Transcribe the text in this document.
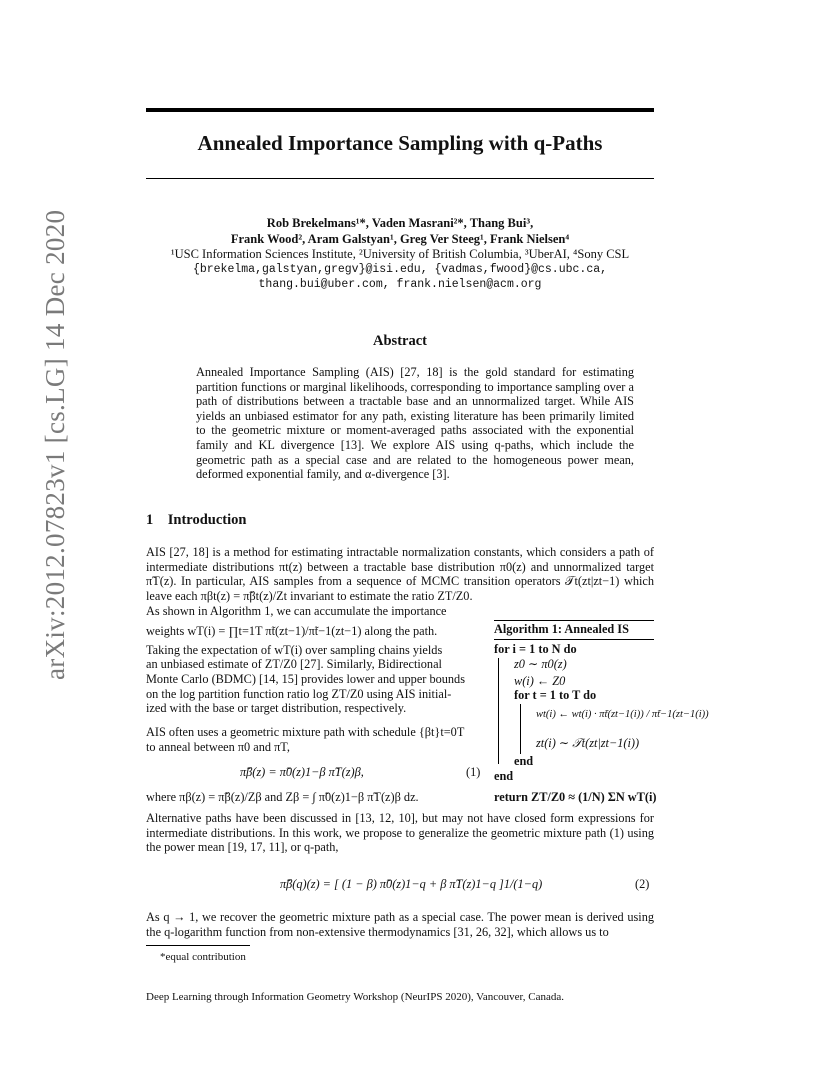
arXiv:2012.07823v1 [cs.LG] 14 Dec 2020
Annealed Importance Sampling with q-Paths
Rob Brekelmans¹*, Vaden Masrani²*, Thang Bui³,
Frank Wood², Aram Galstyan¹, Greg Ver Steeg¹, Frank Nielsen⁴
¹USC Information Sciences Institute, ²University of British Columbia, ³UberAI, ⁴Sony CSL
{brekelma,galstyan,gregv}@isi.edu, {vadmas,fwood}@cs.ubc.ca,
thang.bui@uber.com, frank.nielsen@acm.org
Abstract
Annealed Importance Sampling (AIS) [27, 18] is the gold standard for estimating partition functions or marginal likelihoods, corresponding to importance sampling over a path of distributions between a tractable base and an unnormalized target. While AIS yields an unbiased estimator for any path, existing literature has been primarily limited to the geometric mixture or moment-averaged paths associated with the exponential family and KL divergence [13]. We explore AIS using q-paths, which include the geometric path as a special case and are related to the homogeneous power mean, deformed exponential family, and α-divergence [3].
1 Introduction
AIS [27, 18] is a method for estimating intractable normalization constants, which considers a path of intermediate distributions πt(z) between a tractable base distribution π0(z) and unnormalized target π̃T(z). In particular, AIS samples from a sequence of MCMC transition operators 𝒯t(zt|zt−1) which leave each πβt(z) = π̃βt(z)/Zt invariant to estimate the ratio ZT/Z0.
As shown in Algorithm 1, we can accumulate the importance
weights wT(i) = ∏t=1T π̃t(zt−1)/π̃t−1(zt−1) along the path.
Taking the expectation of wT(i) over sampling chains yields
an unbiased estimate of ZT/Z0 [27]. Similarly, Bidirectional
Monte Carlo (BDMC) [14, 15] provides lower and upper bounds
on the log partition function ratio log ZT/Z0 using AIS initial-
ized with the base or target distribution, respectively.
AIS often uses a geometric mixture path with schedule {βt}t=0T
to anneal between π0 and πT,
π̃β(z) = π̃0(z)1−β π̃T(z)β,	(1)
where πβ(z) = π̃β(z)/Zβ and Zβ = ∫ π̃0(z)1−β π̃T(z)β dz.
Algorithm 1: Annealed IS
for i = 1 to N do
z0 ∼ π0(z)
w(i) ← Z0
for t = 1 to T do
wt(i) ← wt(i) · π̃t(zt−1(i)) / π̃t−1(zt−1(i))
zt(i) ∼ 𝒯t(zt|zt−1(i))
end
end
return ZT/Z0 ≈ (1/N) ΣN wT(i)
Alternative paths have been discussed in [13, 12, 10], but may not have closed form expressions for intermediate distributions. In this work, we propose to generalize the geometric mixture path (1) using the power mean [19, 17, 11], or q-path,
π̃β(q)(z) = [ (1 − β) π̃0(z)1−q + β π̃T(z)1−q ]1/(1−q)	(2)
As q → 1, we recover the geometric mixture path as a special case. The power mean is derived using the q-logarithm function from non-extensive thermodynamics [31, 26, 32], which allows us to
*equal contribution
Deep Learning through Information Geometry Workshop (NeurIPS 2020), Vancouver, Canada.
